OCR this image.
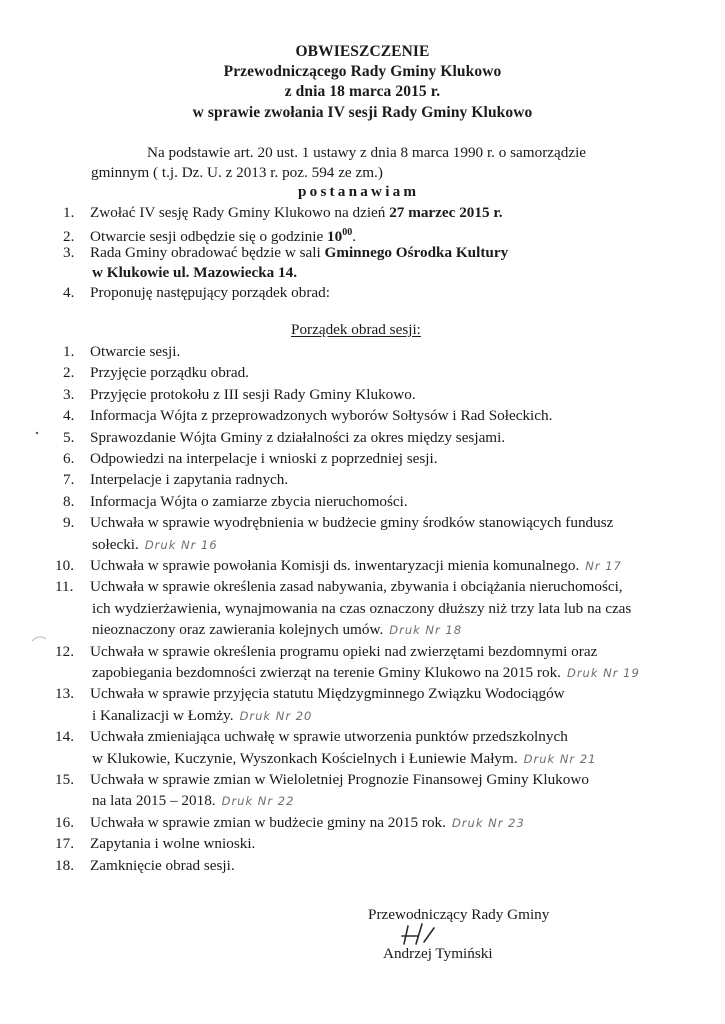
OBWIESZCZENIE
Przewodniczącego Rady Gminy Klukowo
z dnia 18 marca 2015 r.
w sprawie zwołania IV sesji Rady Gminy Klukowo
Na podstawie art. 20 ust. 1 ustawy z dnia 8 marca 1990 r. o samorządzie
gminnym ( t.j. Dz. U. z 2013 r. poz. 594 ze zm.)
postanawiam
1. Zwołać IV sesję Rady Gminy Klukowo na dzień 27 marzec 2015 r.
2. Otwarcie sesji odbędzie się o godzinie $10^{00}$.
3. Rada Gminy obradować będzie w sali Gminnego Ośrodka Kultury
w Klukowie ul. Mazowiecka 14.
4. Proponuję następujący porządek obrad:
Porządek obrad sesji:
1. Otwarcie sesji.
2. Przyjęcie porządku obrad.
3. Przyjęcie protokołu z III sesji Rady Gminy Klukowo.
4. Informacja Wójta z przeprowadzonych wyborów Sołtysów i Rad Sołeckich.
5. Sprawozdanie Wójta Gminy z działalności za okres między sesjami.
6. Odpowiedzi na interpelacje i wnioski z poprzedniej sesji.
7. Interpelacje i zapytania radnych.
8. Informacja Wójta o zamiarze zbycia nieruchomości.
9. Uchwała w sprawie wyodrębnienia w budżecie gminy środków stanowiących fundusz
sołecki. Druk Nr 16
10. Uchwała w sprawie powołania Komisji ds. inwentaryzacji mienia komunalnego. Nr 17
11. Uchwała w sprawie określenia zasad nabywania, zbywania i obciążania nieruchomości,
ich wydzierżawienia, wynajmowania na czas oznaczony dłuższy niż trzy lata lub na czas
nieoznaczony oraz zawierania kolejnych umów. Druk Nr 18
12. Uchwała w sprawie określenia programu opieki nad zwierzętami bezdomnymi oraz
zapobiegania bezdomności zwierząt na terenie Gminy Klukowo na 2015 rok. Druk Nr 19
13. Uchwała w sprawie przyjęcia statutu Międzygminnego Związku Wodociągów
i Kanalizacji w Łomży. Druk Nr 20
14. Uchwała zmieniająca uchwałę w sprawie utworzenia punktów przedszkolnych
w Klukowie, Kuczynie, Wyszonkach Kościelnych i Łuniewie Małym. Druk Nr 21
15. Uchwała w sprawie zmian w Wieloletniej Prognozie Finansowej Gminy Klukowo
na lata 2015 – 2018. Druk Nr 22
16. Uchwała w sprawie zmian w budżecie gminy na 2015 rok. Druk Nr 23
17. Zapytania i wolne wnioski.
18. Zamknięcie obrad sesji.
Przewodniczący Rady Gminy
Andrzej Tymiński
